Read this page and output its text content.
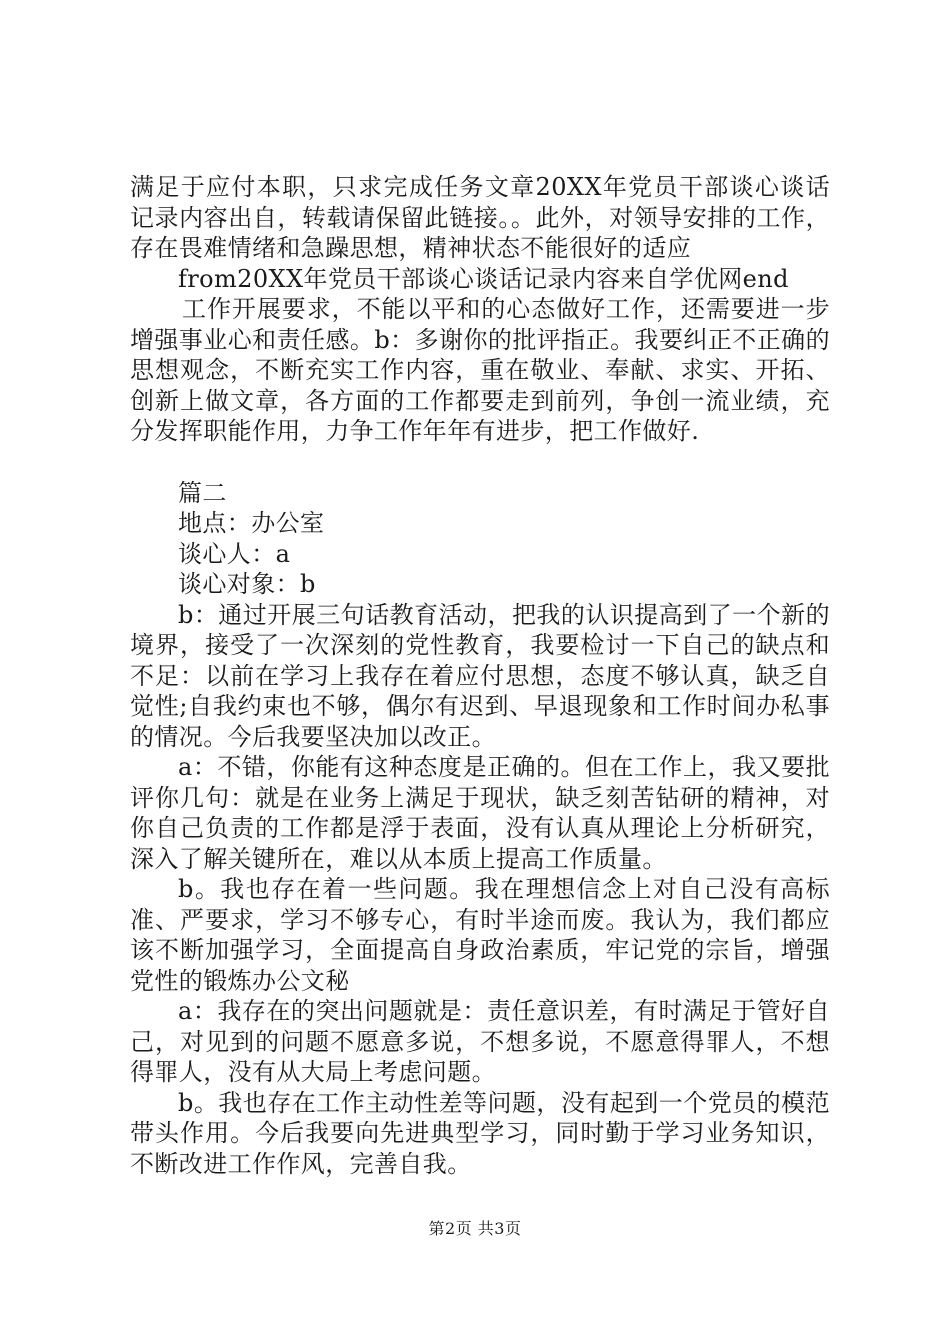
满足于应付本职，只求完成任务文章20XX年党员干部谈心谈话记录内容出自，转载请保留此链接。。此外，对领导安排的工作，存在畏难情绪和急躁思想，精神状态不能很好的适应

from20XX年党员干部谈心谈话记录内容来自学优网end

工作开展要求，不能以平和的心态做好工作，还需要进一步增强事业心和责任感。b：多谢你的批评指正。我要纠正不正确的思想观念，不断充实工作内容，重在敬业、奉献、求实、开拓、创新上做文章，各方面的工作都要走到前列，争创一流业绩，充分发挥职能作用，力争工作年年有进步，把工作做好.

篇二

地点：办公室

谈心人：a

谈心对象：b

b：通过开展三句话教育活动，把我的认识提高到了一个新的境界，接受了一次深刻的党性教育，我要检讨一下自己的缺点和不足：以前在学习上我存在着应付思想，态度不够认真，缺乏自觉性;自我约束也不够，偶尔有迟到、早退现象和工作时间办私事的情况。今后我要坚决加以改正。

a：不错，你能有这种态度是正确的。但在工作上，我又要批评你几句：就是在业务上满足于现状，缺乏刻苦钻研的精神，对你自己负责的工作都是浮于表面，没有认真从理论上分析研究，深入了解关键所在，难以从本质上提高工作质量。

b。我也存在着一些问题。我在理想信念上对自己没有高标准、严要求，学习不够专心，有时半途而废。我认为，我们都应该不断加强学习，全面提高自身政治素质，牢记党的宗旨，增强党性的锻炼办公文秘

a：我存在的突出问题就是：责任意识差，有时满足于管好自己，对见到的问题不愿意多说，不想多说，不愿意得罪人，不想得罪人，没有从大局上考虑问题。

b。我也存在工作主动性差等问题，没有起到一个党员的模范带头作用。今后我要向先进典型学习，同时勤于学习业务知识，不断改进工作作风，完善自我。

第2页 共3页
